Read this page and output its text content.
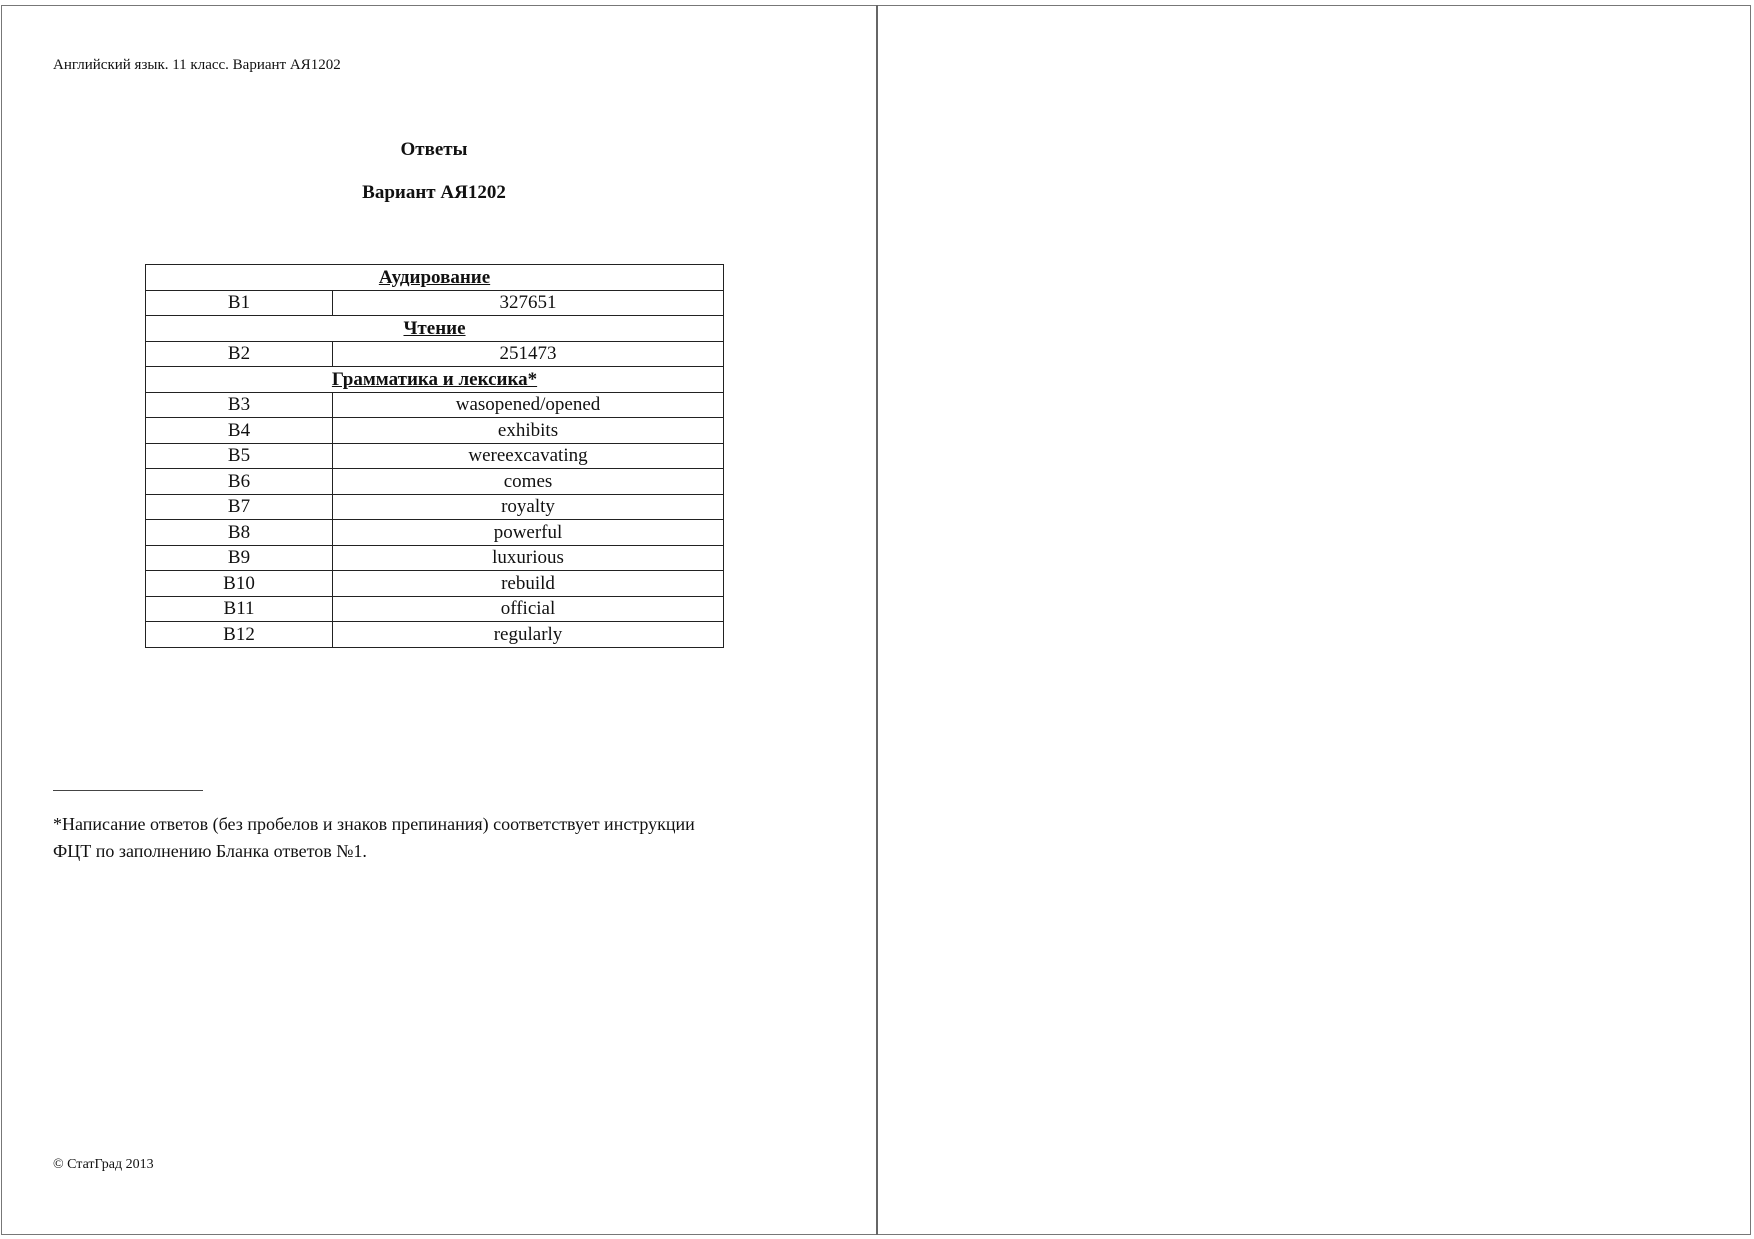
Английский язык. 11 класс. Вариант АЯ1202
Ответы
Вариант АЯ1202
Аудирование	
B1	327651
Чтение	
B2	251473
Грамматика и лексика*	
B3	wasopened/opened
B4	exhibits
B5	wereexcavating
B6	comes
B7	royalty
B8	powerful
B9	luxurious
B10	rebuild
B11	official
B12	regularly
*Написание ответов (без пробелов и знаков препинания) соответствует инструкции
ФЦТ по заполнению Бланка ответов №1.
© СтатГрад 2013
